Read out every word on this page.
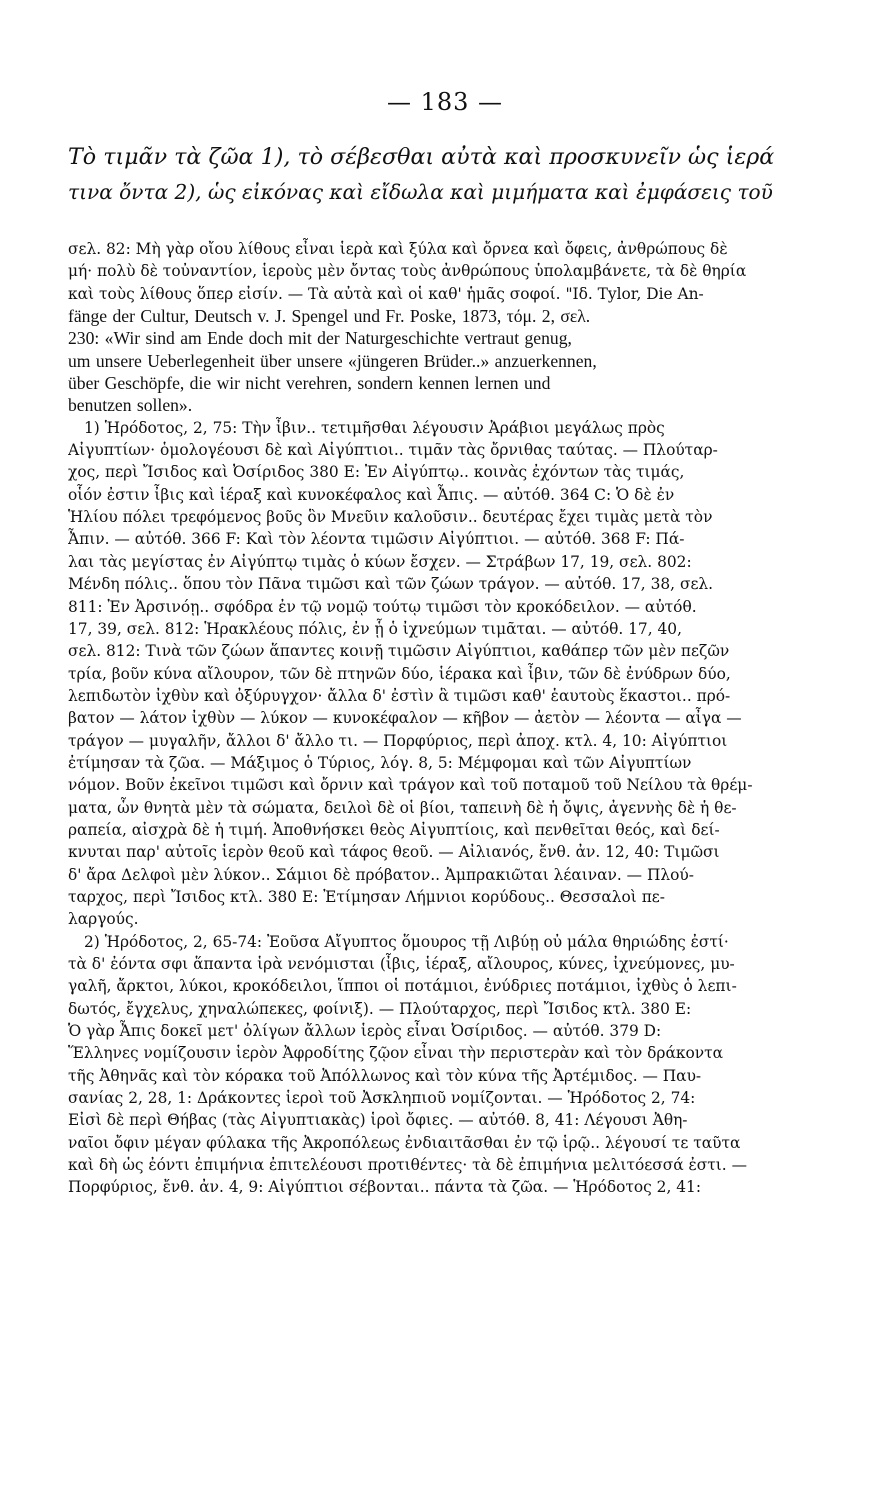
— 183 —
Τὸ τιμᾶν τὰ ζῶα 1), τὸ σέβεσθαι αὐτὰ καὶ προσκυνεῖν ὡς ἱερά
τινα ὄντα 2), ὡς εἰκόνας καὶ εἴδωλα καὶ μιμήματα καὶ ἐμφάσεις τοῦ
σελ. 82: Μὴ γὰρ οἴου λίθους εἶναι ἱερὰ καὶ ξύλα καὶ ὄρνεα καὶ ὄφεις, ἀνθρώπους δὲ
μή· πολὺ δὲ τοὐναντίον, ἱεροὺς μὲν ὄντας τοὺς ἀνθρώπους ὑπολαμβάνετε, τὰ δὲ θηρία
καὶ τοὺς λίθους ὅπερ εἰσίν. — Τὰ αὐτὰ καὶ οἱ καθ' ἡμᾶς σοφοί. "Ιδ. Tylor, Die An-
fänge der Cultur, Deutsch v. J. Spengel und Fr. Poske, 1873, τόμ. 2, σελ.
230: «Wir sind am Ende doch mit der Naturgeschichte vertraut genug,
um unsere Ueberlegenheit über unsere «jüngeren Brüder..» anzuerkennen,
über Geschöpfe, die wir nicht verehren, sondern kennen lernen und
benutzen sollen».
1) Ἡρόδοτος, 2, 75: Τὴν ἶβιν.. τετιμῆσθαι λέγουσιν Ἀράβιοι μεγάλως πρὸς
Αἰγυπτίων· ὁμολογέουσι δὲ καὶ Αἰγύπτιοι.. τιμᾶν τὰς ὄρνιθας ταύτας. — Πλούταρ-
χος, περὶ Ἴσιδος καὶ Ὀσίριδος 380 Ε: Ἐν Αἰγύπτῳ.. κοινὰς ἐχόντων τὰς τιμάς,
οἷόν ἐστιν ἶβις καὶ ἱέραξ καὶ κυνοκέφαλος καὶ Ἆπις. — αὐτόθ. 364 C: Ὁ δὲ ἐν
Ἡλίου πόλει τρεφόμενος βοῦς ὃν Μνεῦιν καλοῦσιν.. δευτέρας ἔχει τιμὰς μετὰ τὸν
Ἆπιν. — αὐτόθ. 366 F: Καὶ τὸν λέοντα τιμῶσιν Αἰγύπτιοι. — αὐτόθ. 368 F: Πά-
λαι τὰς μεγίστας ἐν Αἰγύπτῳ τιμὰς ὁ κύων ἔσχεν. — Στράβων 17, 19, σελ. 802:
Μένδη πόλις.. ὅπου τὸν Πᾶνα τιμῶσι καὶ τῶν ζώων τράγον. — αὐτόθ. 17, 38, σελ.
811: Ἐν Ἀρσινόῃ.. σφόδρα ἐν τῷ νομῷ τούτῳ τιμῶσι τὸν κροκόδειλον. — αὐτόθ.
17, 39, σελ. 812: Ἡρακλέους πόλις, ἐν ᾗ ὁ ἰχνεύμων τιμᾶται. — αὐτόθ. 17, 40,
σελ. 812: Τινὰ τῶν ζώων ἅπαντες κοινῇ τιμῶσιν Αἰγύπτιοι, καθάπερ τῶν μὲν πεζῶν
τρία, βοῦν κύνα αἴλουρον, τῶν δὲ πτηνῶν δύο, ἱέρακα καὶ ἶβιν, τῶν δὲ ἐνύδρων δύο,
λεπιδωτὸν ἰχθὺν καὶ ὀξύρυγχον· ἄλλα δ' ἐστὶν ἃ τιμῶσι καθ' ἑαυτοὺς ἕκαστοι.. πρό-
βατον — λάτον ἰχθὺν — λύκον — κυνοκέφαλον — κῆβον — ἀετὸν — λέοντα — αἶγα —
τράγον — μυγαλῆν, ἄλλοι δ' ἄλλο τι. — Πορφύριος, περὶ ἀποχ. κτλ. 4, 10: Αἰγύπτιοι
ἐτίμησαν τὰ ζῶα. — Μάξιμος ὁ Τύριος, λόγ. 8, 5: Μέμφομαι καὶ τῶν Αἰγυπτίων
νόμον. Βοῦν ἐκεῖνοι τιμῶσι καὶ ὄρνιν καὶ τράγον καὶ τοῦ ποταμοῦ τοῦ Νείλου τὰ θρέμ-
ματα, ὧν θνητὰ μὲν τὰ σώματα, δειλοὶ δὲ οἱ βίοι, ταπεινὴ δὲ ἡ ὄψις, ἀγεννὴς δὲ ἡ θε-
ραπεία, αἰσχρὰ δὲ ἡ τιμή. Ἀποθνήσκει θεὸς Αἰγυπτίοις, καὶ πενθεῖται θεός, καὶ δεί-
κνυται παρ' αὐτοῖς ἱερὸν θεοῦ καὶ τάφος θεοῦ. — Αἰλιανός, ἔνθ. ἀν. 12, 40: Τιμῶσι
δ' ἄρα Δελφοὶ μὲν λύκον.. Σάμιοι δὲ πρόβατον.. Ἀμπρακιῶται λέαιναν. — Πλού-
ταρχος, περὶ Ἴσιδος κτλ. 380 Ε: Ἐτίμησαν Λήμνιοι κορύδους.. Θεσσαλοὶ πε-
λαργούς.
2) Ἡρόδοτος, 2, 65-74: Ἐοῦσα Αἴγυπτος ὅμουρος τῇ Λιβύῃ οὐ μάλα θηριώδης ἐστί·
τὰ δ' ἐόντα σφι ἅπαντα ἱρὰ νενόμισται (ἶβις, ἱέραξ, αἴλουρος, κύνες, ἰχνεύμονες, μυ-
γαλῆ, ἄρκτοι, λύκοι, κροκόδειλοι, ἵπποι οἱ ποτάμιοι, ἐνύδριες ποτάμιοι, ἰχθὺς ὁ λεπι-
δωτός, ἔγχελυς, χηναλώπεκες, φοίνιξ). — Πλούταρχος, περὶ Ἴσιδος κτλ. 380 Ε:
Ὁ γὰρ Ἆπις δοκεῖ μετ' ὀλίγων ἄλλων ἱερὸς εἶναι Ὀσίριδος. — αὐτόθ. 379 D:
Ἕλληνες νομίζουσιν ἱερὸν Ἀφροδίτης ζῷον εἶναι τὴν περιστερὰν καὶ τὸν δράκοντα
τῆς Ἀθηνᾶς καὶ τὸν κόρακα τοῦ Ἀπόλλωνος καὶ τὸν κύνα τῆς Ἀρτέμιδος. — Παυ-
σανίας 2, 28, 1: Δράκοντες ἱεροὶ τοῦ Ἀσκληπιοῦ νομίζονται. — Ἡρόδοτος 2, 74:
Εἰσὶ δὲ περὶ Θήβας (τὰς Αἰγυπτιακὰς) ἱροὶ ὄφιες. — αὐτόθ. 8, 41: Λέγουσι Ἀθη-
ναῖοι ὄφιν μέγαν φύλακα τῆς Ἀκροπόλεως ἐνδιαιτᾶσθαι ἐν τῷ ἱρῷ.. λέγουσί τε ταῦτα
καὶ δὴ ὡς ἐόντι ἐπιμήνια ἐπιτελέουσι προτιθέντες· τὰ δὲ ἐπιμήνια μελιτόεσσά ἐστι. —
Πορφύριος, ἔνθ. ἀν. 4, 9: Αἰγύπτιοι σέβονται.. πάντα τὰ ζῶα. — Ἡρόδοτος 2, 41:
